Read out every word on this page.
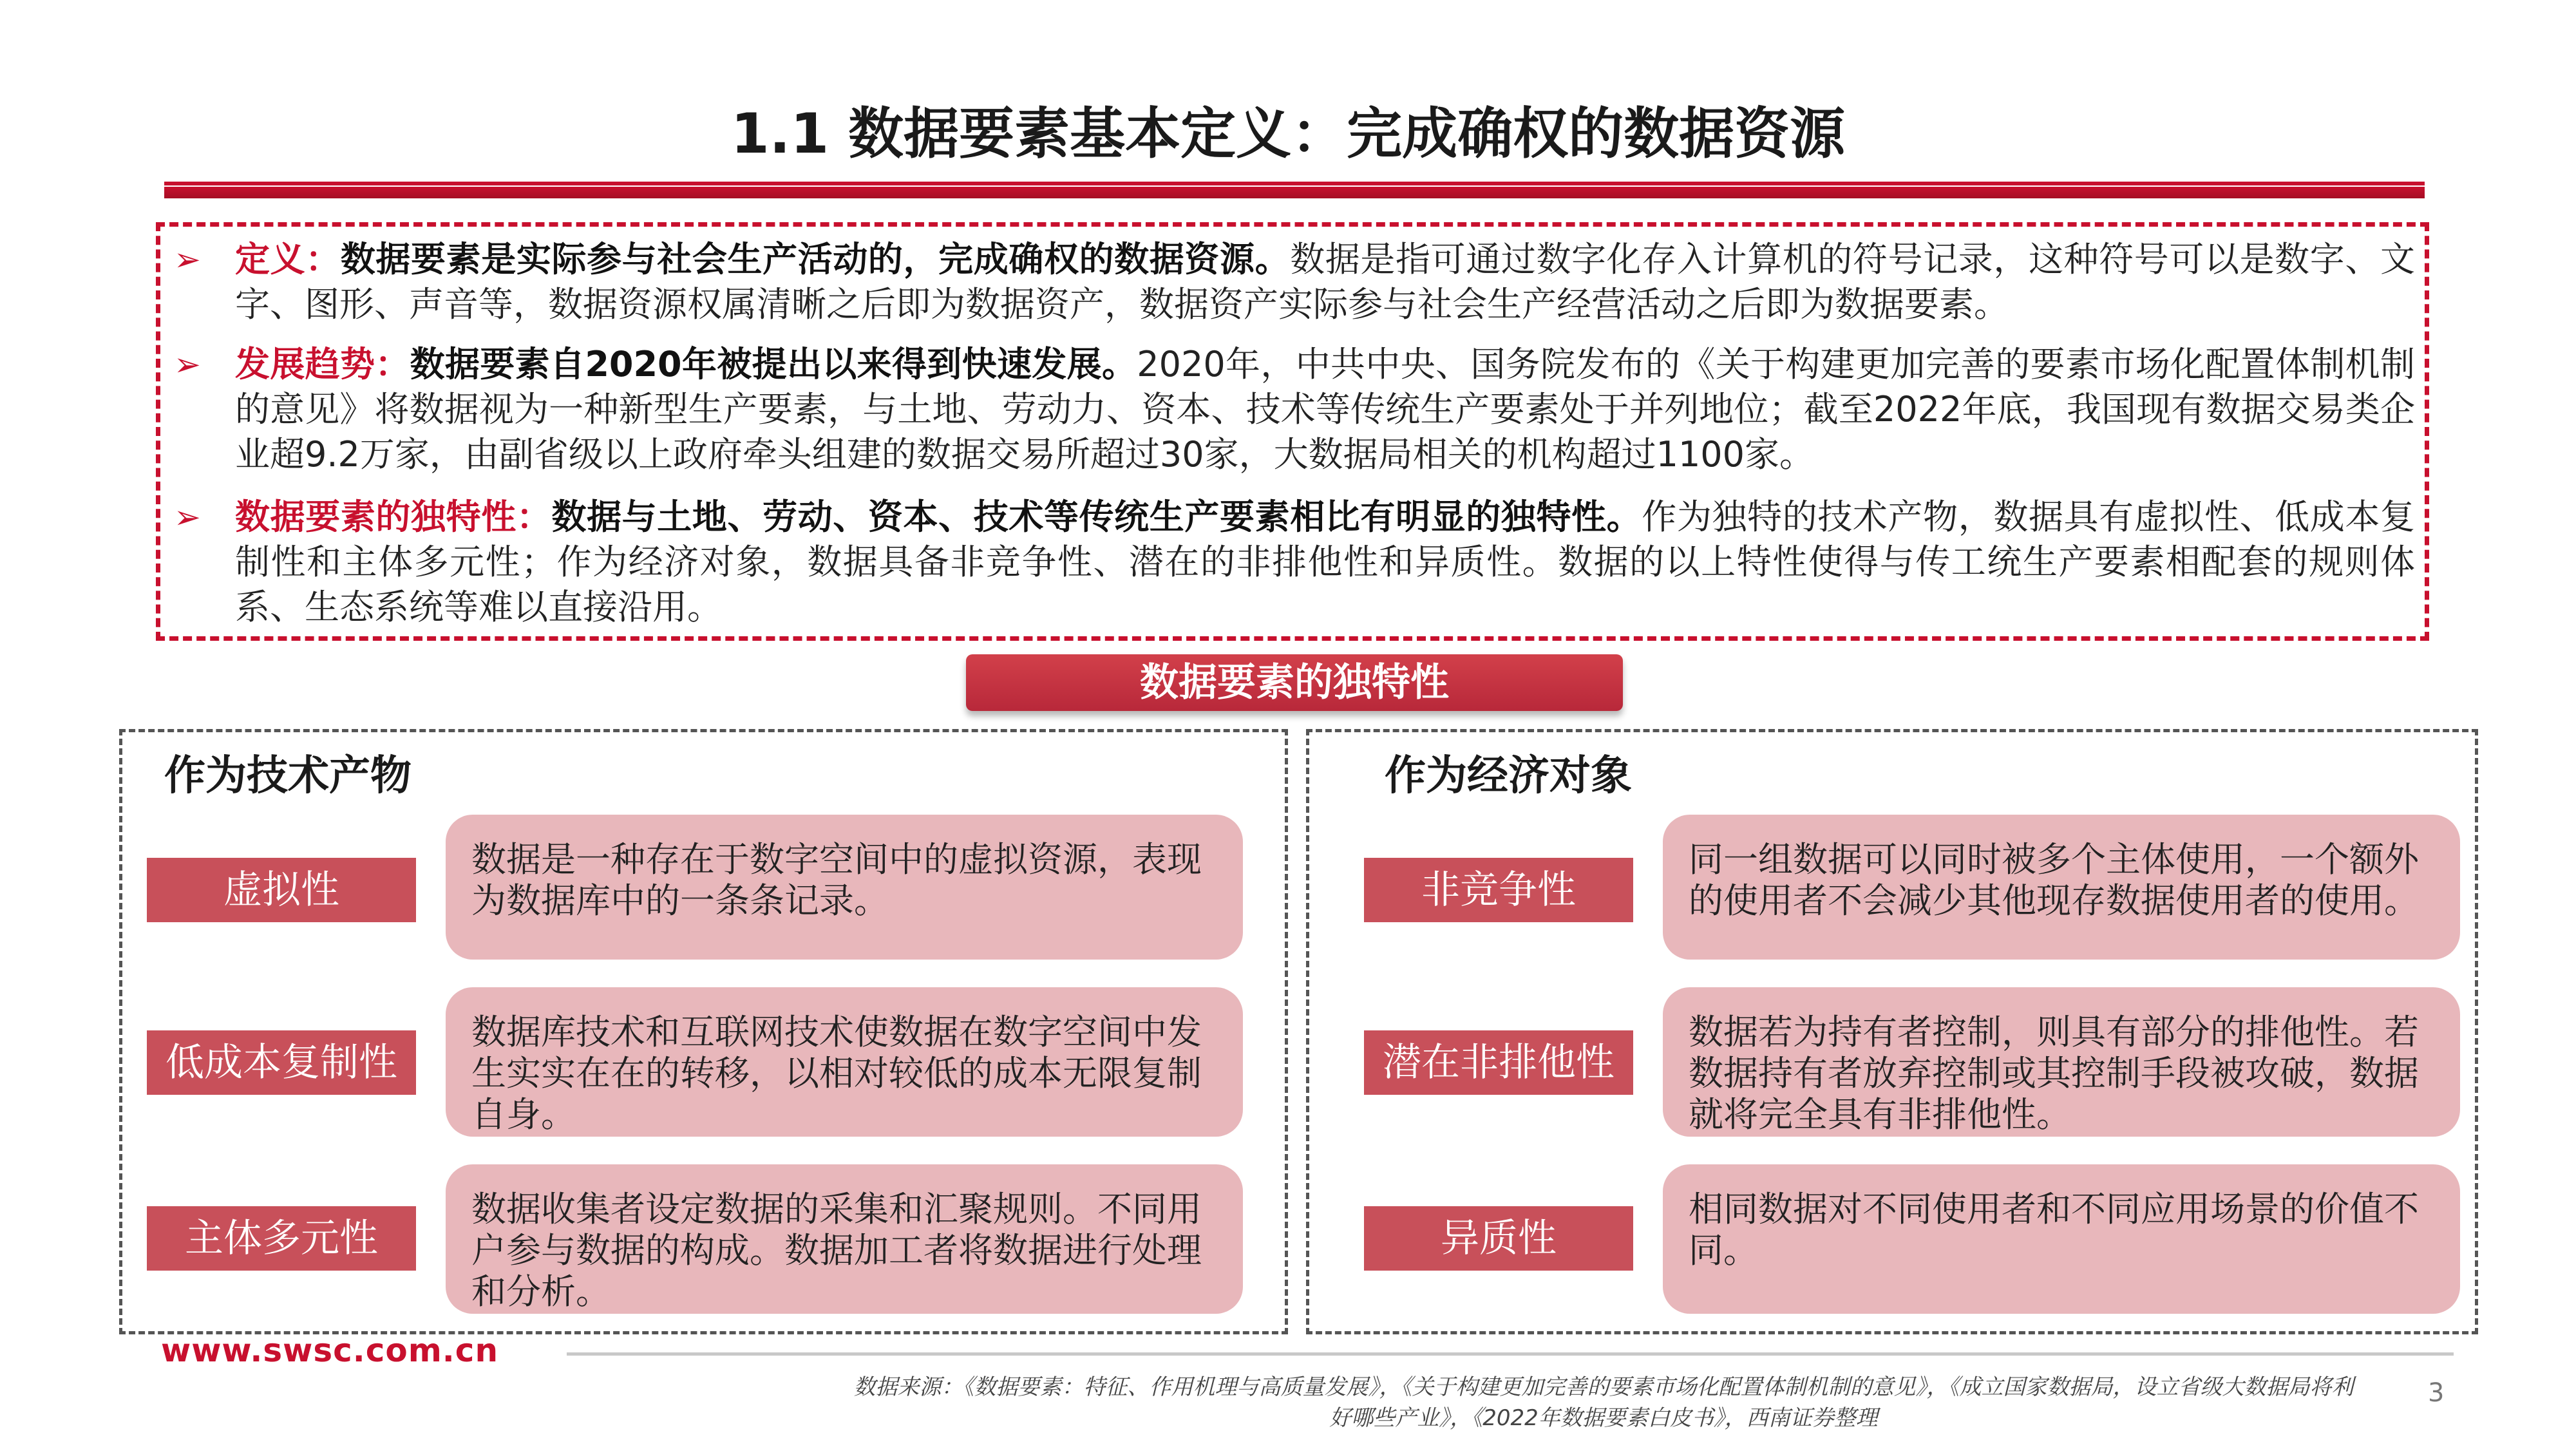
1.1 数据要素基本定义：完成确权的数据资源
➢ 定义：数据要素是实际参与社会生产活动的，完成确权的数据资源。数据是指可通过数字化存入计算机的符号记录，这种符号可以是数字、文字、图形、声音等，数据资源权属清晰之后即为数据资产，数据资产实际参与社会生产经营活动之后即为数据要素。
➢ 发展趋势：数据要素自2020年被提出以来得到快速发展。2020年，中共中央、国务院发布的《关于构建更加完善的要素市场化配置体制机制的意见》将数据视为一种新型生产要素，与土地、劳动力、资本、技术等传统生产要素处于并列地位；截至2022年底，我国现有数据交易类企业超9.2万家，由副省级以上政府牵头组建的数据交易所超过30家，大数据局相关的机构超过1100家。
➢ 数据要素的独特性：数据与土地、劳动、资本、技术等传统生产要素相比有明显的独特性。作为独特的技术产物，数据具有虚拟性、低成本复制性和主体多元性；作为经济对象，数据具备非竞争性、潜在的非排他性和异质性。数据的以上特性使得与传工统生产要素相配套的规则体系、生态系统等难以直接沿用。
数据要素的独特性
作为技术产物
虚拟性
数据是一种存在于数字空间中的虚拟资源，表现为数据库中的一条条记录。
低成本复制性
数据库技术和互联网技术使数据在数字空间中发生实实在在的转移，以相对较低的成本无限复制自身。
主体多元性
数据收集者设定数据的采集和汇聚规则。不同用户参与数据的构成。数据加工者将数据进行处理和分析。
作为经济对象
非竞争性
同一组数据可以同时被多个主体使用，一个额外的使用者不会减少其他现存数据使用者的使用。
潜在非排他性
数据若为持有者控制，则具有部分的排他性。若数据持有者放弃控制或其控制手段被攻破，数据就将完全具有非排他性。
异质性
相同数据对不同使用者和不同应用场景的价值不同。
www.swsc.com.cn
数据来源：《数据要素：特征、作用机理与高质量发展》，《关于构建更加完善的要素市场化配置体制机制的意见》，《成立国家数据局，设立省级大数据局将利
好哪些产业》，《2022年数据要素白皮书》，西南证券整理
3
